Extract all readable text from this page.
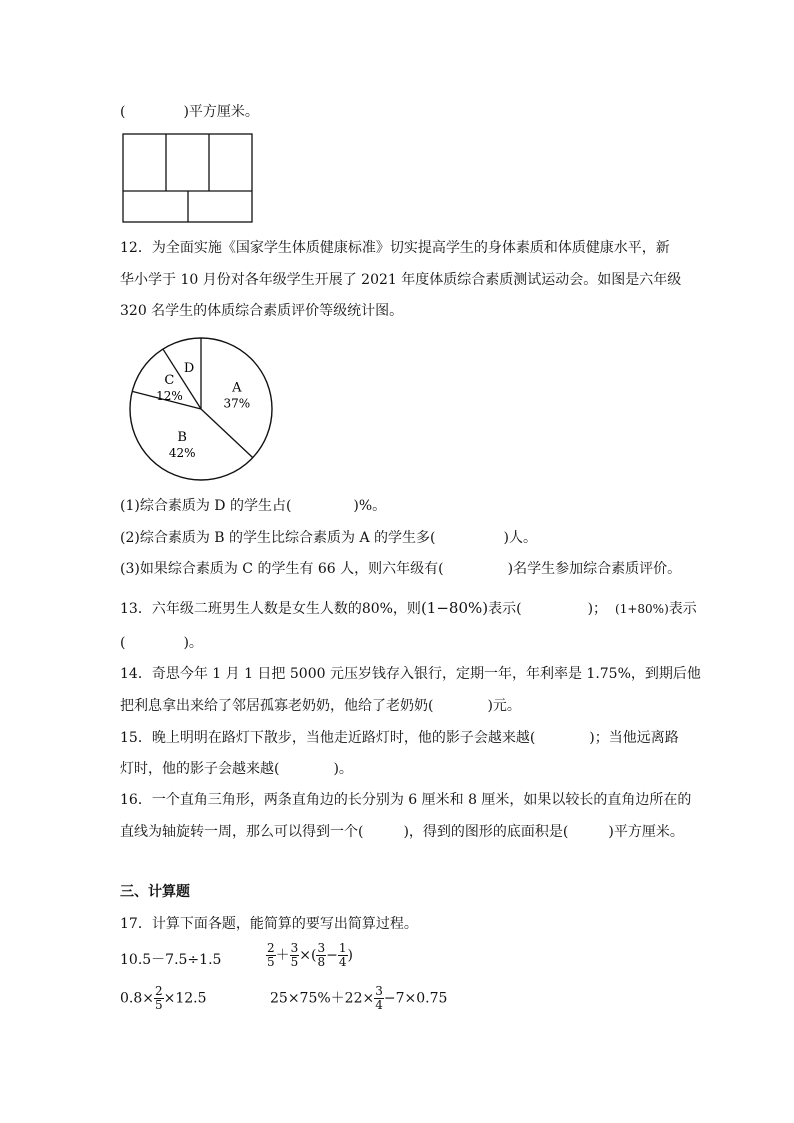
(	)平方厘米。
12．为全面实施《国家学生体质健康标准》切实提高学生的身体素质和体质健康水平，新
华小学于 10 月份对各年级学生开展了 2021 年度体质综合素质测试运动会。如图是六年级
320 名学生的体质综合素质评价等级统计图。
A
37%
B
42%
C
12%
D
(1)综合素质为 D 的学生占(	)%。
(2)综合素质为 B 的学生比综合素质为 A 的学生多(	)人。
(3)如果综合素质为 C 的学生有 66 人，则六年级有(	)名学生参加综合素质评价。
13．六年级二班男生人数是女生人数的80%，则(1−80%)表示(	)； (1+80%)表示
(	)。
14．奇思今年 1 月 1 日把 5000 元压岁钱存入银行，定期一年，年利率是 1.75%，到期后他
把利息拿出来给了邻居孤寡老奶奶，他给了老奶奶(	)元。
15．晚上明明在路灯下散步，当他走近路灯时，他的影子会越来越(	)；当他远离路
灯时，他的影子会越来越(	)。
16．一个直角三角形，两条直角边的长分别为 6 厘米和 8 厘米，如果以较长的直角边所在的
直线为轴旋转一周，那么可以得到一个(	)，得到的图形的底面积是(	)平方厘米。
三、计算题
17．计算下面各题，能简算的要写出简算过程。
10.5－7.5÷1.5	$\frac{2}{5} + \frac{3}{5}$ ×( $\frac{3}{8} - \frac{1}{4}$ )
$0.8\times \frac{2}{5} \times 12.5$	$25\times 75\%+22\times \frac{3}{4} -7\times 0.75$
